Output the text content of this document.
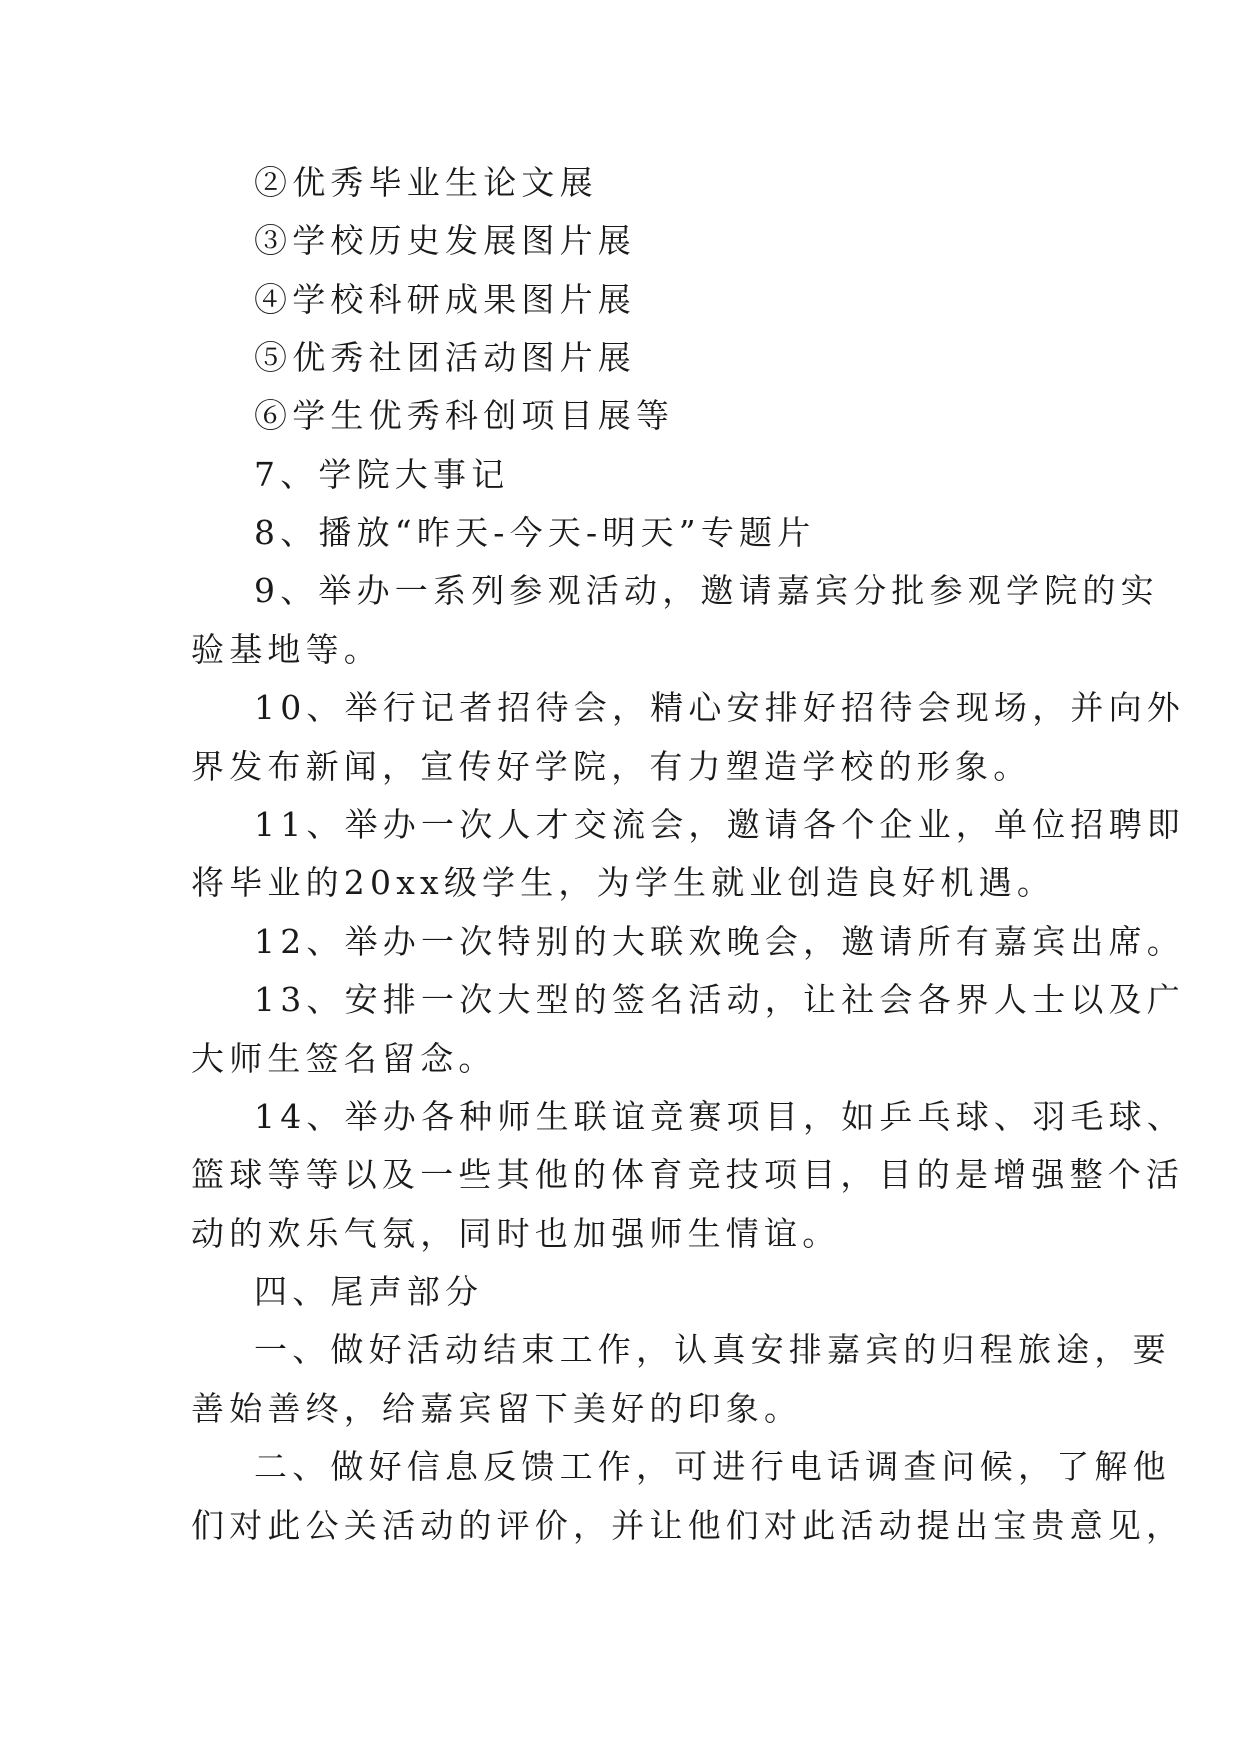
②优秀毕业生论文展
③学校历史发展图片展
④学校科研成果图片展
⑤优秀社团活动图片展
⑥学生优秀科创项目展等
7、学院大事记
8、播放“昨天-今天-明天”专题片
9、举办一系列参观活动，邀请嘉宾分批参观学院的实
验基地等。
10、举行记者招待会，精心安排好招待会现场，并向外
界发布新闻，宣传好学院，有力塑造学校的形象。
11、举办一次人才交流会，邀请各个企业，单位招聘即
将毕业的20xx级学生，为学生就业创造良好机遇。
12、举办一次特别的大联欢晚会，邀请所有嘉宾出席。
13、安排一次大型的签名活动，让社会各界人士以及广
大师生签名留念。
14、举办各种师生联谊竞赛项目，如乒乓球、羽毛球、
篮球等等以及一些其他的体育竞技项目，目的是增强整个活
动的欢乐气氛，同时也加强师生情谊。
四、尾声部分
一、做好活动结束工作，认真安排嘉宾的归程旅途，要
善始善终，给嘉宾留下美好的印象。
二、做好信息反馈工作，可进行电话调查问候，了解他
们对此公关活动的评价，并让他们对此活动提出宝贵意见，
